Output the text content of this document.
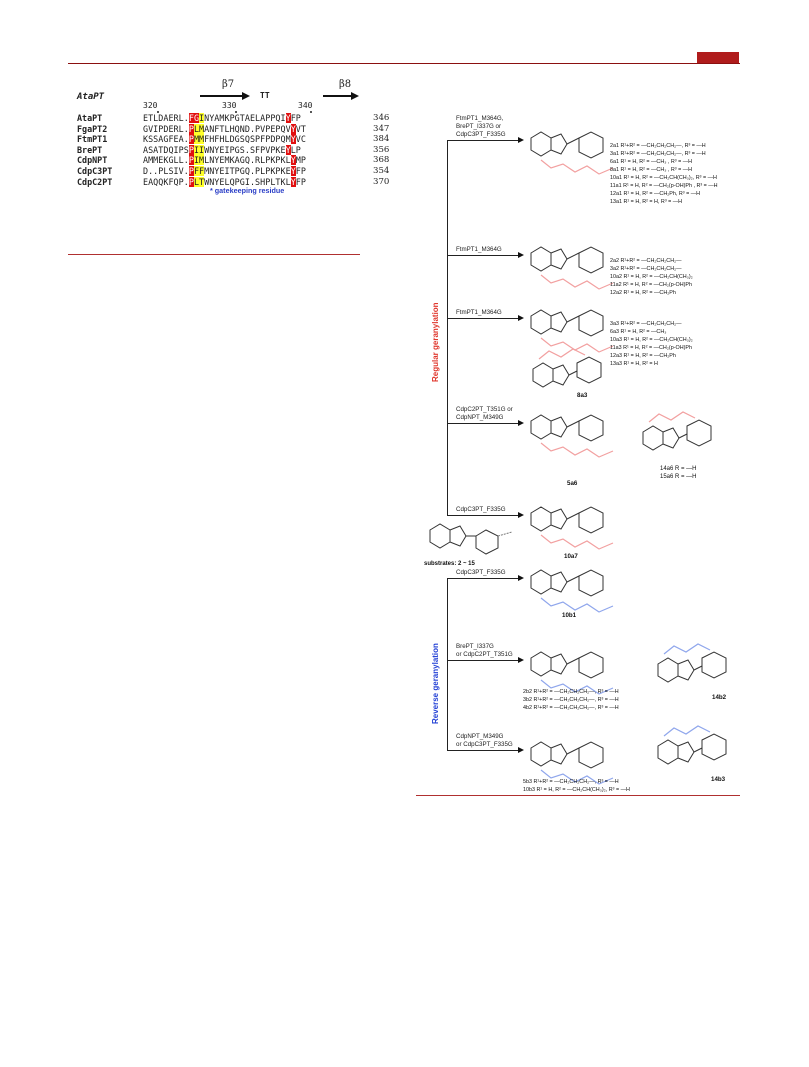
AtaPT
β7
TT
β8
320	330	340
AtaPT	ETLDAERL.FGINYAMKPGTAELAPPQIYFP	346
FgaPT2	GVIPDERL.PLMANFTLHQND.PVPEPQVYVT	347
FtmPT1	KSSAGFEA.PMMFHFHLDGSQSPFPDPQMYVC	384
BrePT	ASATDQIPSPIIWNYEIPGS.SFPVPKEYLP	356
CdpNPT	AMMEKGLL.PIMLNYEMKAGQ.RLPKPKLYMP	368
CdpC3PT	D..PLSIV.PFFMNYEITPGQ.PLPKPKEYFP	354
CdpC2PT	EAQQKFQP.PLTWNYELQPGI.SHPLTKLYFP	370
* gatekeeping residue
Regular geranylation
Reverse geranylation
substrates: 2 ~ 15
FtmPT1_M364G,
BrePT_I337G or
CdpC3PT_F335G
2a1 R¹+R² = —CH₂CH₂CH₂—, R³ = —H
3a1 R¹+R² = —CH₂CH₂CH₂—, R³ = —H
6a1 R¹ = H, R² = —CH₃ , R³ = —H
8a1 R¹ = H, R² = —CH₃ , R³ = —H
10a1 R¹ = H, R² = —CH₂CH(CH₃)₂, R³ = —H
11a1 R¹ = H, R² = —CH₂(p-OH)Ph , R³ = —H
12a1 R¹ = H, R² = —CH₂Ph, R³ = —H
13a1 R¹ = H, R² = H, R³ = —H
FtmPT1_M364G
2a2 R¹+R² = —CH₂CH₂CH₂—
3a2 R¹+R² = —CH₂CH₂CH₂—
10a2 R¹ = H, R² = —CH₂CH(CH₃)₂
11a2 R¹ = H, R² = —CH₂(p-OH)Ph
12a2 R¹ = H, R² = —CH₂Ph
FtmPT1_M364G
3a3 R¹+R² = —CH₂CH₂CH₂—
6a3 R¹ = H, R² = —CH₃
10a3 R¹ = H, R² = —CH₂CH(CH₃)₂
11a3 R¹ = H, R² = —CH₂(p-OH)Ph
12a3 R¹ = H, R² = —CH₂Ph
13a3 R¹ = H, R² = H
CdpC2PT_T351G or
CdpNPT_M349G
14a6 R = —H
15a6 R = —H
CdpC3PT_F335G
CdpC3PT_F335G
BrePT_I337G
or CdpC2PT_T351G
2b2 R¹+R² = —CH₂CH₂CH₂—, R³ = —H
3b2 R¹+R² = —CH₂CH₂CH₂—, R³ = —H
4b2 R¹+R² = —CH₂CH₂CH₂—, R³ = —H
CdpNPT_M349G
or CdpC3PT_F335G
5b3 R¹+R² = —CH₂CH₂CH₂—, R³ = —H
10b3 R¹ = H, R² = —CH₂CH(CH₃)₂, R³ = —H
8a3
5a6
10a7
10b1
14b2
14b3
